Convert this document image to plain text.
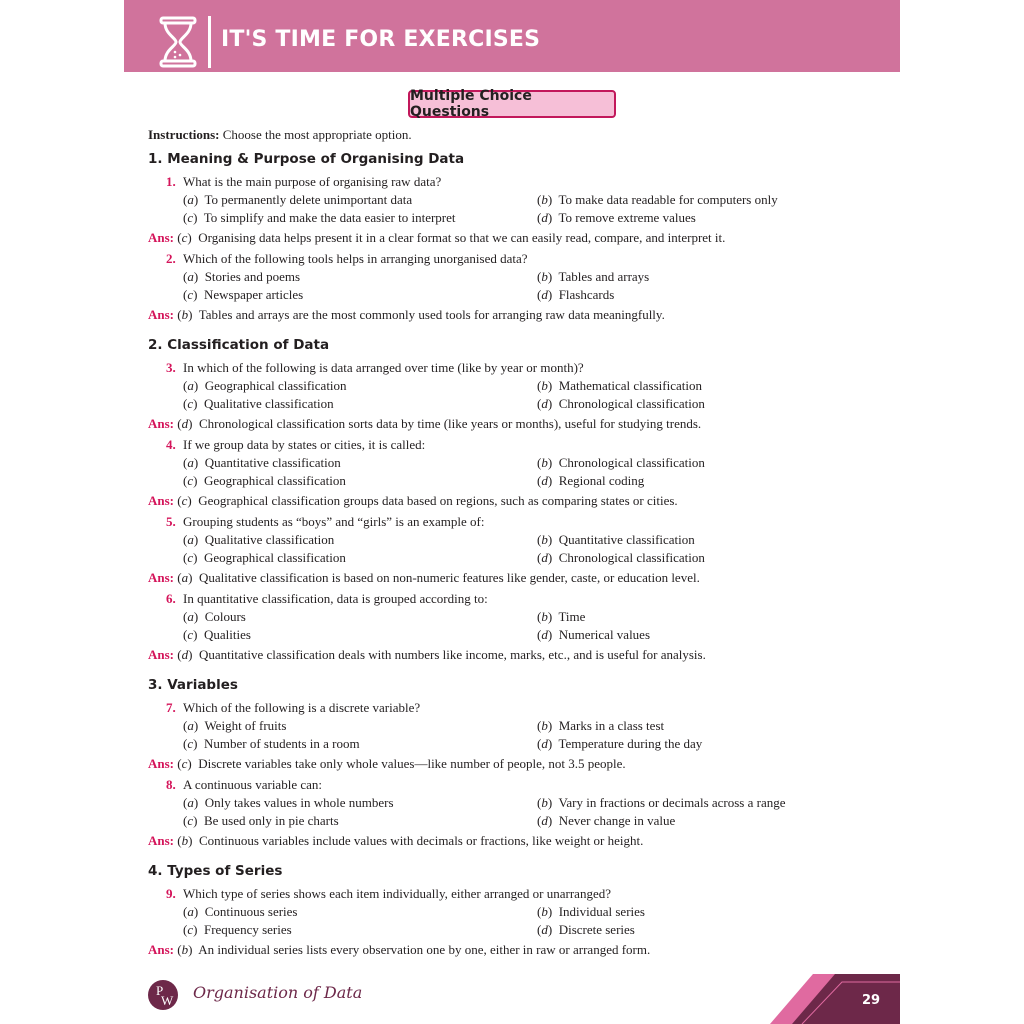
IT'S TIME FOR EXERCISES
Multiple Choice Questions
Instructions: Choose the most appropriate option.
1. Meaning & Purpose of Organising Data
1. What is the main purpose of organising raw data?
(a) To permanently delete unimportant data	(b) To make data readable for computers only
(c) To simplify and make the data easier to interpret	(d) To remove extreme values
Ans: (c) Organising data helps present it in a clear format so that we can easily read, compare, and interpret it.
2. Which of the following tools helps in arranging unorganised data?
(a) Stories and poems	(b) Tables and arrays
(c) Newspaper articles	(d) Flashcards
Ans: (b) Tables and arrays are the most commonly used tools for arranging raw data meaningfully.
2. Classification of Data
3. In which of the following is data arranged over time (like by year or month)?
(a) Geographical classification	(b) Mathematical classification
(c) Qualitative classification	(d) Chronological classification
Ans: (d) Chronological classification sorts data by time (like years or months), useful for studying trends.
4. If we group data by states or cities, it is called:
(a) Quantitative classification	(b) Chronological classification
(c) Geographical classification	(d) Regional coding
Ans: (c) Geographical classification groups data based on regions, such as comparing states or cities.
5. Grouping students as “boys” and “girls” is an example of:
(a) Qualitative classification	(b) Quantitative classification
(c) Geographical classification	(d) Chronological classification
Ans: (a) Qualitative classification is based on non-numeric features like gender, caste, or education level.
6. In quantitative classification, data is grouped according to:
(a) Colours	(b) Time
(c) Qualities	(d) Numerical values
Ans: (d) Quantitative classification deals with numbers like income, marks, etc., and is useful for analysis.
3. Variables
7. Which of the following is a discrete variable?
(a) Weight of fruits	(b) Marks in a class test
(c) Number of students in a room	(d) Temperature during the day
Ans: (c) Discrete variables take only whole values—like number of people, not 3.5 people.
8. A continuous variable can:
(a) Only takes values in whole numbers	(b) Vary in fractions or decimals across a range
(c) Be used only in pie charts	(d) Never change in value
Ans: (b) Continuous variables include values with decimals or fractions, like weight or height.
4. Types of Series
9. Which type of series shows each item individually, either arranged or unarranged?
(a) Continuous series	(b) Individual series
(c) Frequency series	(d) Discrete series
Ans: (b) An individual series lists every observation one by one, either in raw or arranged form.
P
W Organisation of Data	29
